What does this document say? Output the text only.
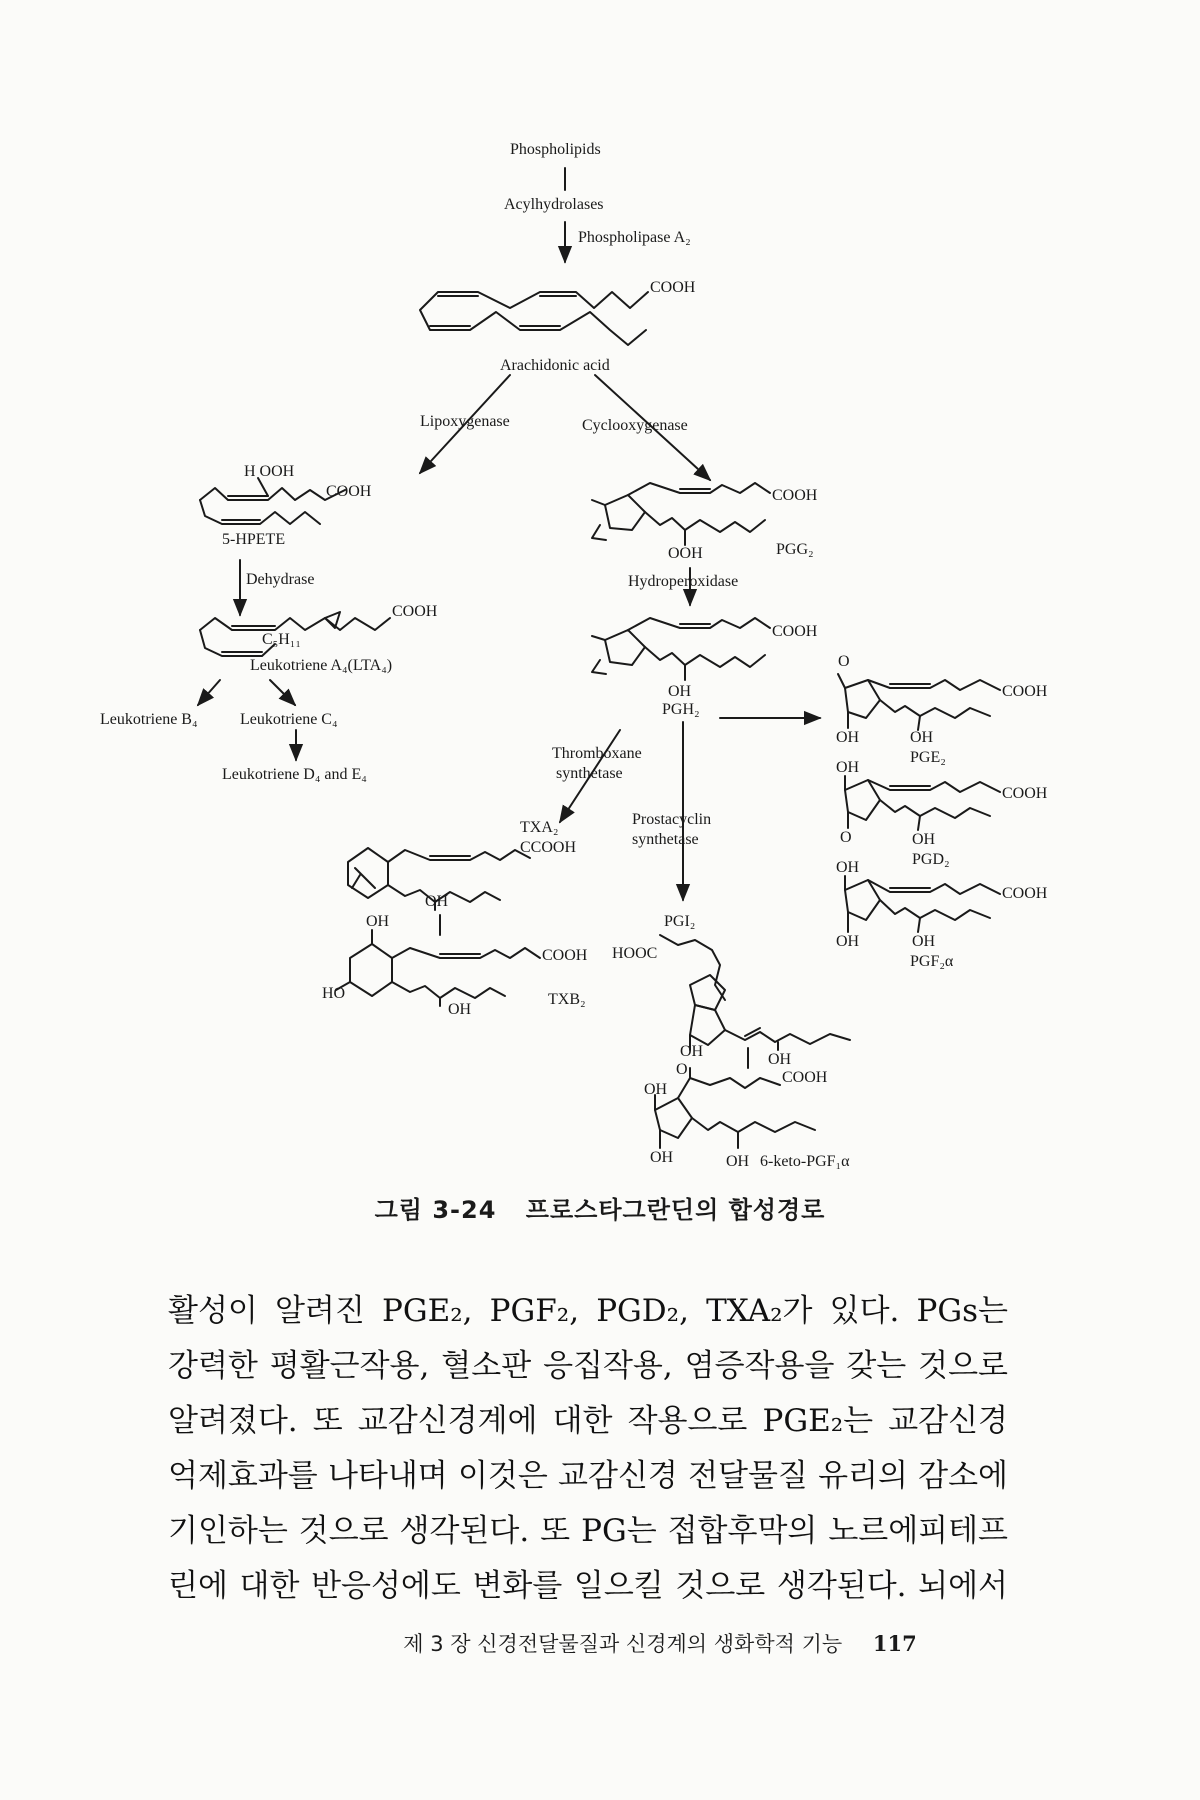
Phospholipids
Acylhydrolases
Phospholipase A₂
COOH
Arachidonic acid
Lipoxygenase	Cyclooxygenase
H OOH
COOH
5-HPETE
Dehydrase
COOH
C₅H₁₁
Leukotriene A₄(LTA₄)
Leukotriene B₄	Leukotriene C₄
Leukotriene D₄ and E₄
COOH
OOH	PGG₂
Hydroperoxidase
COOH
OH
PGH₂
O
COOH
OH	OH
PGE₂
OH
COOH
O	OH
PGD₂
OH
COOH
OH	OH
PGF₂α
Thromboxane
synthetase
Prostacyclin
synthetase
TXA₂
CCOOH
OH
OH
COOH
HO
OH
TXB₂
PGI₂
HOOC
OH	OH
O	COOH
OH
OH	OH 6-keto-PGF₁α
그림 3-24 프로스타그란딘의 합성경로
활성이 알려진 PGE₂, PGF₂, PGD₂, TXA₂가 있다. PGs는
강력한 평활근작용, 혈소판 응집작용, 염증작용을 갖는 것으로
알려졌다. 또 교감신경계에 대한 작용으로 PGE₂는 교감신경
억제효과를 나타내며 이것은 교감신경 전달물질 유리의 감소에
기인하는 것으로 생각된다. 또 PG는 접합후막의 노르에피테프
린에 대한 반응성에도 변화를 일으킬 것으로 생각된다. 뇌에서
제 3 장 신경전달물질과 신경계의 생화학적 기능 117
